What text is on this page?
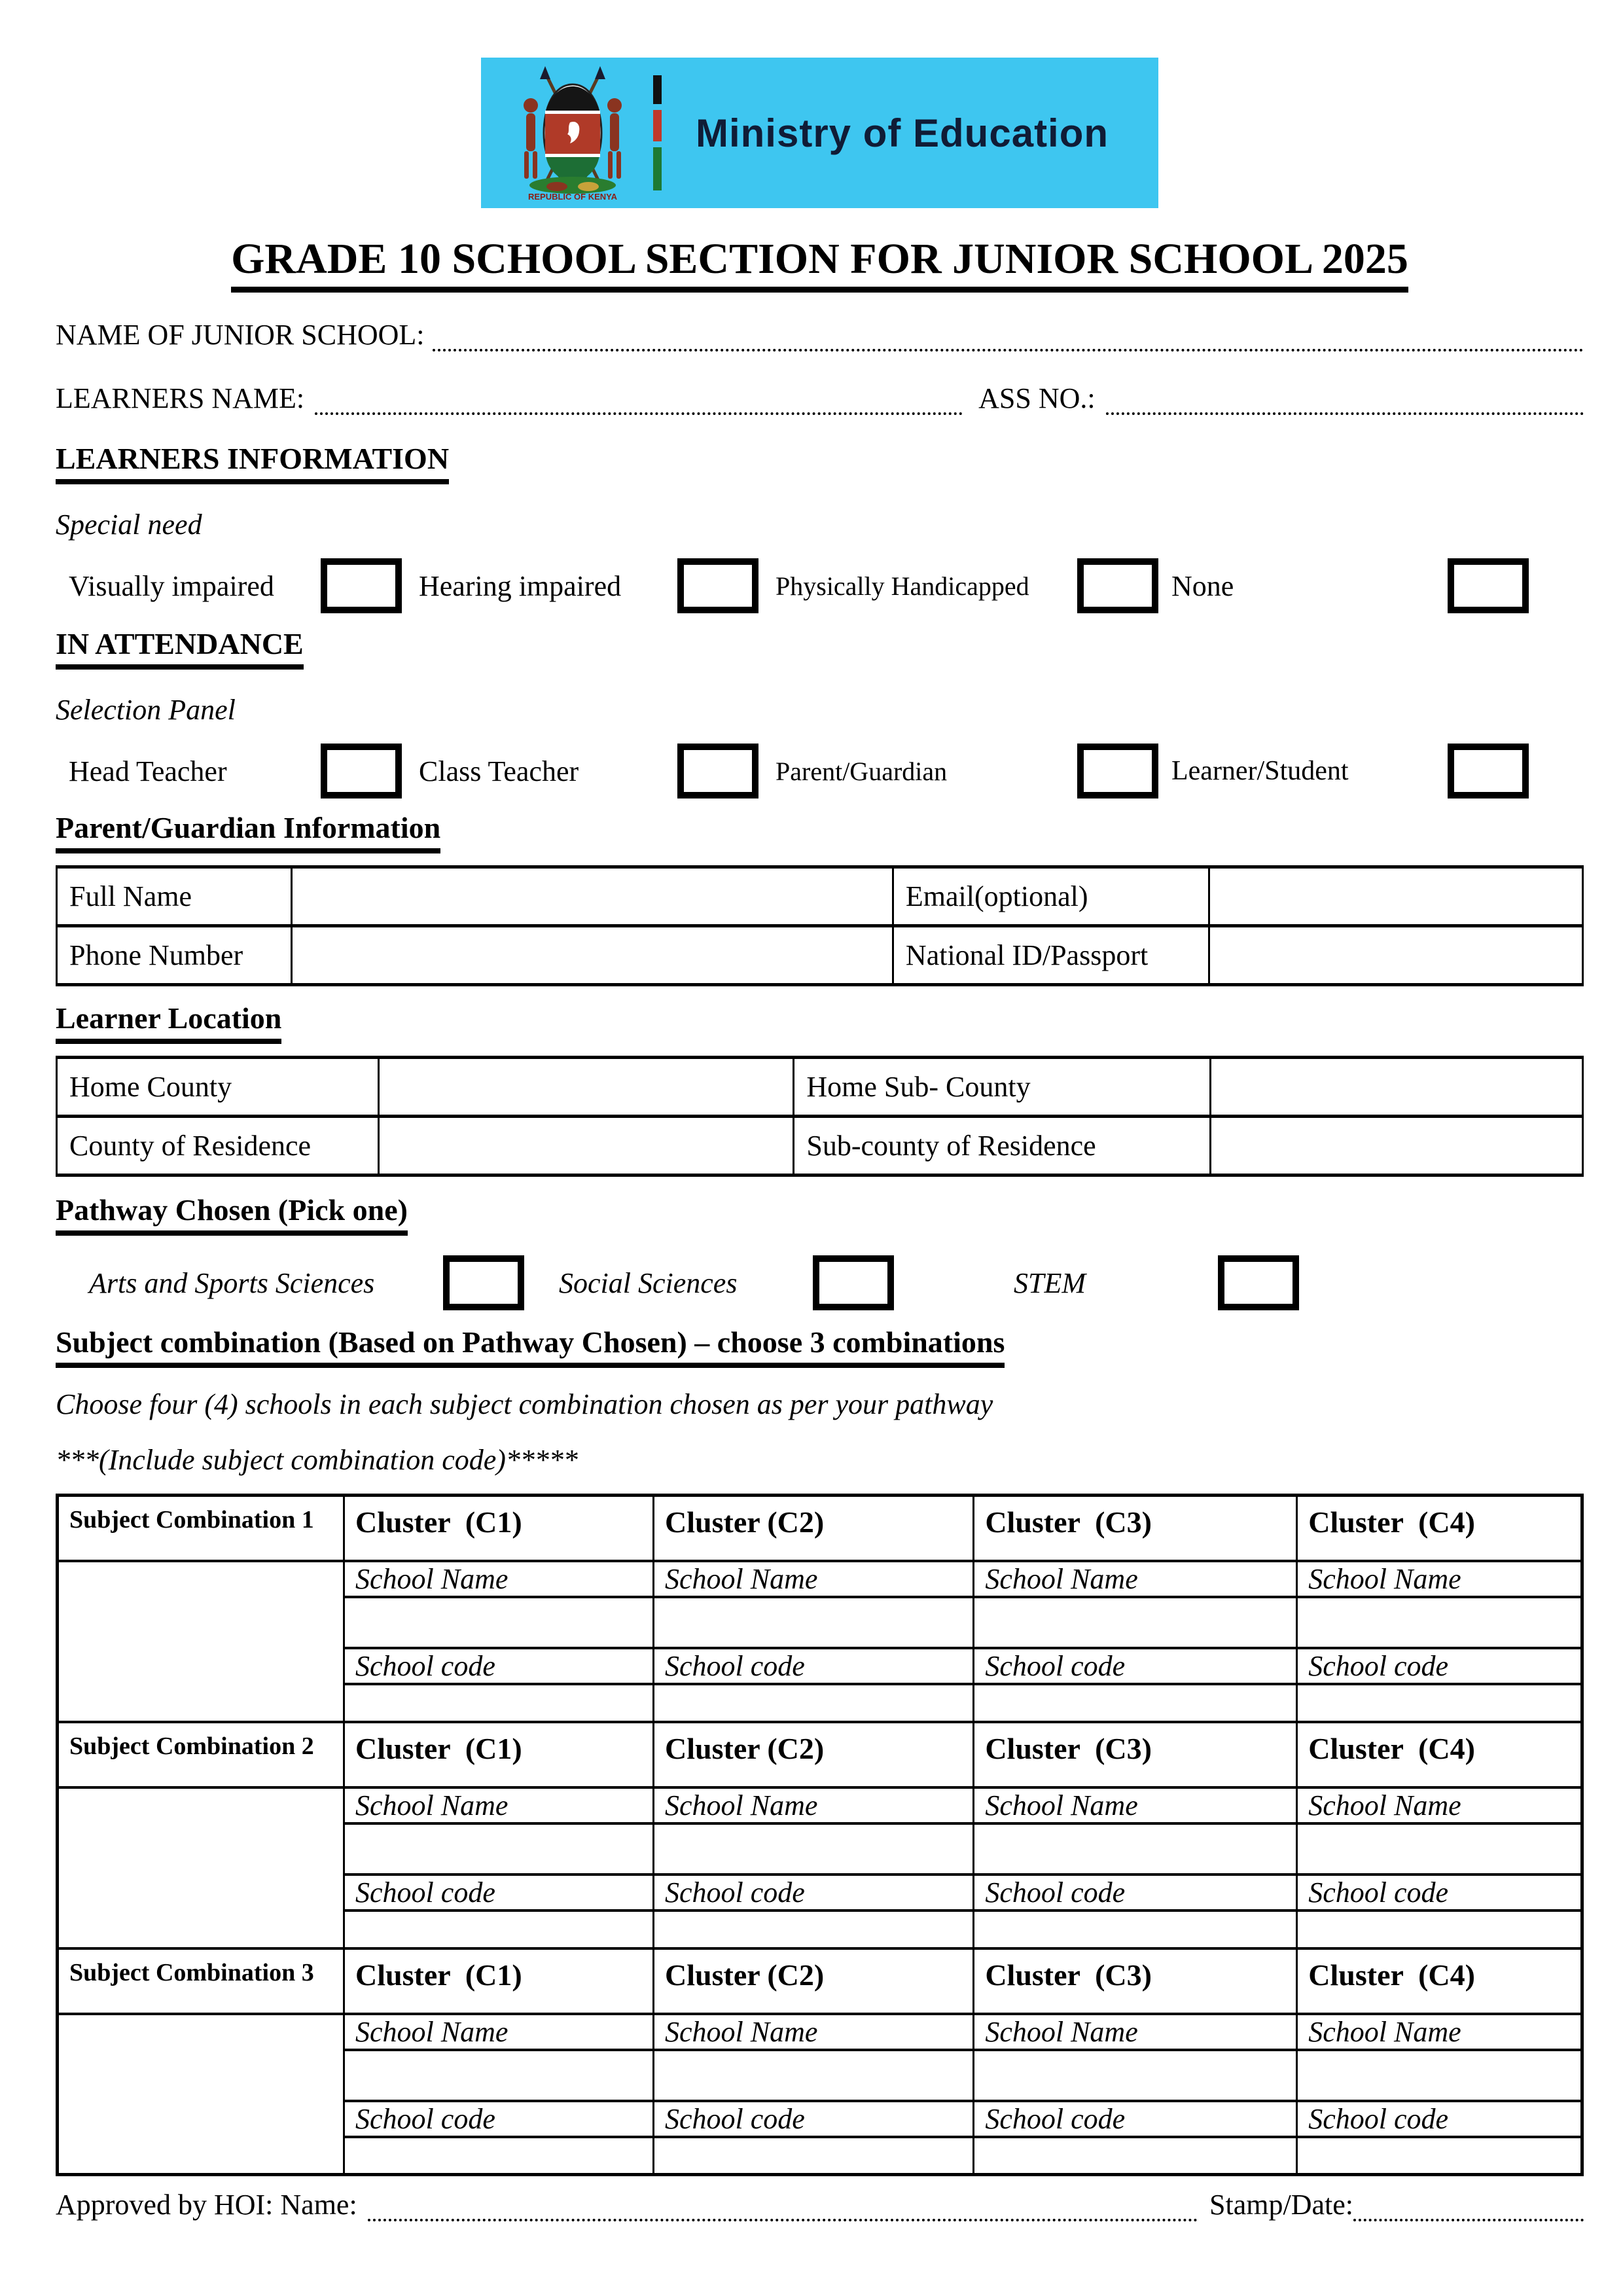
REPUBLIC OF KENYA
Ministry of Education
GRADE 10 SCHOOL SECTION FOR JUNIOR SCHOOL 2025
NAME OF JUNIOR SCHOOL:
LEARNERS NAME:	ASS NO.:
LEARNERS INFORMATION
Special need
Visually impaired	Hearing impaired	Physically Handicapped	None
IN ATTENDANCE
Selection Panel
Head Teacher	Class Teacher	Parent/Guardian	Learner/Student
Parent/Guardian Information
Full Name		Email(optional)	
Phone Number		National ID/Passport	
Learner Location
Home County		Home Sub- County	
County of Residence		Sub-county of Residence	
Pathway Chosen (Pick one)
Arts and Sports Sciences	Social Sciences	STEM
Subject combination (Based on Pathway Chosen) – choose 3 combinations
Choose four (4) schools in each subject combination chosen as per your pathway
***(Include subject combination code)*****
Subject Combination 1	Cluster  (C1)	Cluster (C2)	Cluster  (C3)	Cluster  (C4)
	School Name	School Name	School Name	School Name

	School code	School code	School code	School code

Subject Combination 2	Cluster  (C1)	Cluster (C2)	Cluster  (C3)	Cluster  (C4)
	School Name	School Name	School Name	School Name

	School code	School code	School code	School code

Subject Combination 3	Cluster  (C1)	Cluster (C2)	Cluster  (C3)	Cluster  (C4)
	School Name	School Name	School Name	School Name

	School code	School code	School code	School code

Approved by HOI: Name:	Stamp/Date:
